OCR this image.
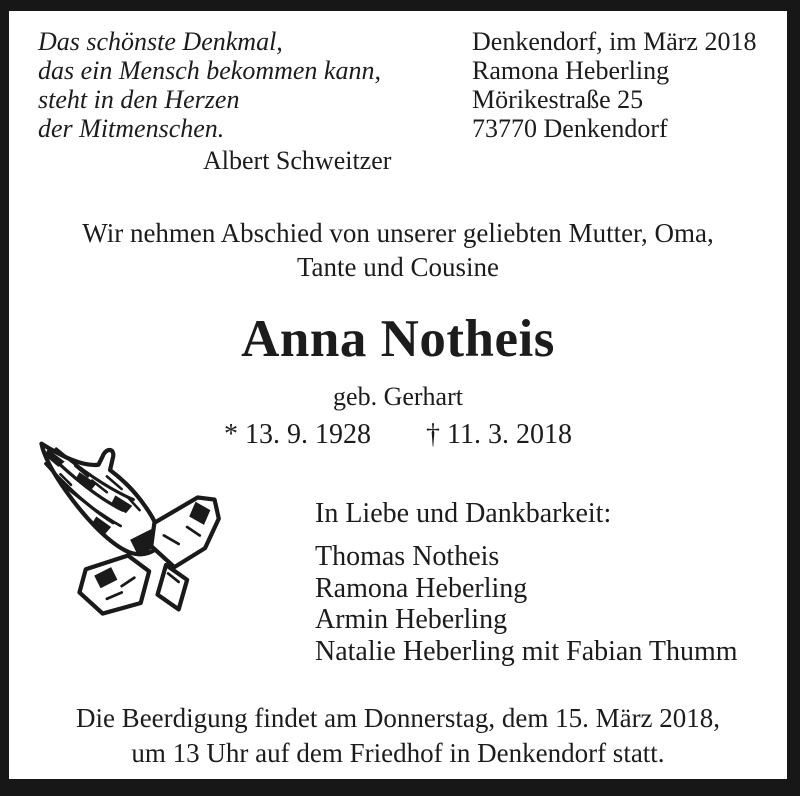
Das schönste Denkmal,
das ein Mensch bekommen kann,
steht in den Herzen
der Mitmenschen.
Albert Schweitzer
Denkendorf, im März 2018
Ramona Heberling
Mörikestraße 25
73770 Denkendorf
Wir nehmen Abschied von unserer geliebten Mutter, Oma,
Tante und Cousine
Anna Notheis
geb. Gerhart
* 13. 9. 1928 † 11. 3. 2018
In Liebe und Dankbarkeit:
Thomas Notheis
Ramona Heberling
Armin Heberling
Natalie Heberling mit Fabian Thumm
Die Beerdigung findet am Donnerstag, dem 15. März 2018,
um 13 Uhr auf dem Friedhof in Denkendorf statt.
